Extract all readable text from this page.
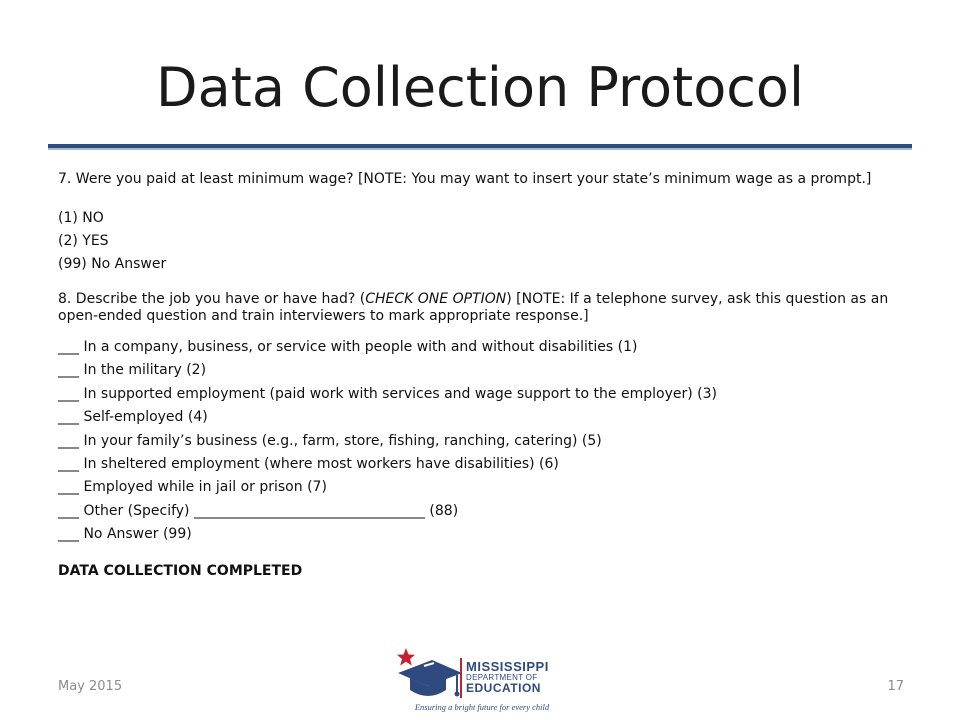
Data Collection Protocol

7. Were you paid at least minimum wage? [NOTE: You may want to insert your state’s minimum wage as a prompt.]

(1) NO
(2) YES
(99) No Answer

8. Describe the job you have or have had? (CHECK ONE OPTION) [NOTE: If a telephone survey, ask this question as an open-ended question and train interviewers to mark appropriate response.]

___ In a company, business, or service with people with and without disabilities (1)
___ In the military (2)
___ In supported employment (paid work with services and wage support to the employer) (3)
___ Self-employed (4)
___ In your family’s business (e.g., farm, store, fishing, ranching, catering) (5)
___ In sheltered employment (where most workers have disabilities) (6)
___ Employed while in jail or prison (7)
___ Other (Specify) _________________________________ (88)
___ No Answer (99)

DATA COLLECTION COMPLETED

May 2015
MISSISSIPPI
DEPARTMENT OF
EDUCATION
Ensuring a bright future for every child
17
